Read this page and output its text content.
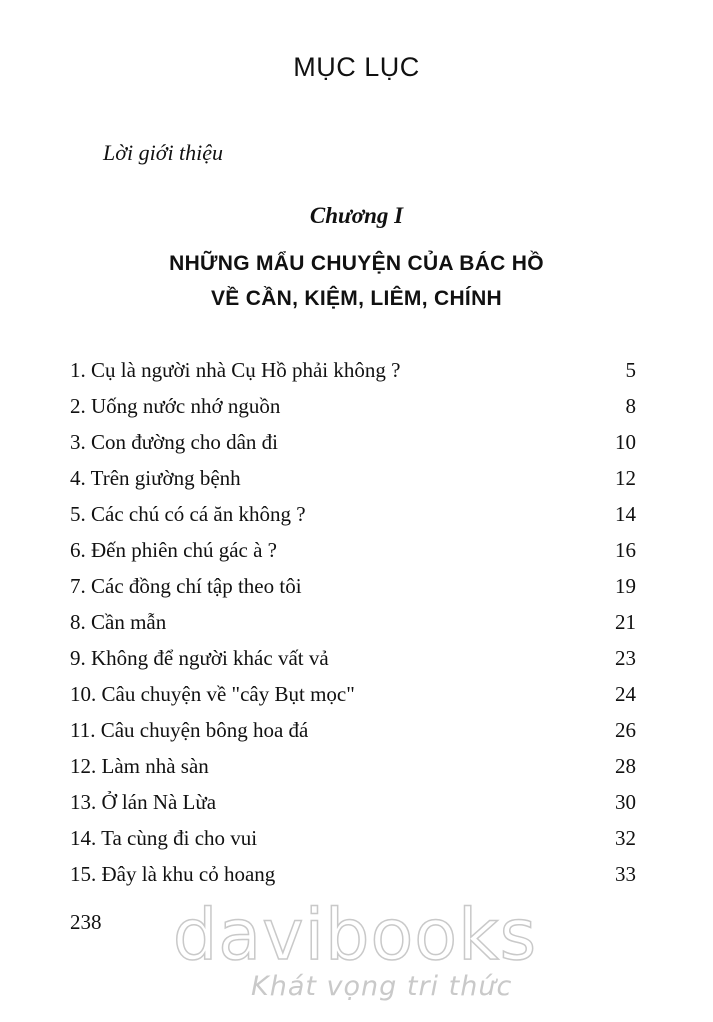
MỤC LỤC
Lời giới thiệu
Chương I
NHỮNG MẨU CHUYỆN CỦA BÁC HỒ
VỀ CẦN, KIỆM, LIÊM, CHÍNH
1. Cụ là người nhà Cụ Hồ phải không ?	5
2. Uống nước nhớ nguồn	8
3. Con đường cho dân đi	10
4. Trên giường bệnh	12
5. Các chú có cá ăn không ?	14
6. Đến phiên chú gác à ?	16
7. Các đồng chí tập theo tôi	19
8. Cần mẫn	21
9. Không để người khác vất vả	23
10. Câu chuyện về "cây Bụt mọc"	24
11. Câu chuyện bông hoa đá	26
12. Làm nhà sàn	28
13. Ở lán Nà Lừa	30
14. Ta cùng đi cho vui	32
15. Đây là khu cỏ hoang	33
238 davibooks
Khát vọng tri thức
